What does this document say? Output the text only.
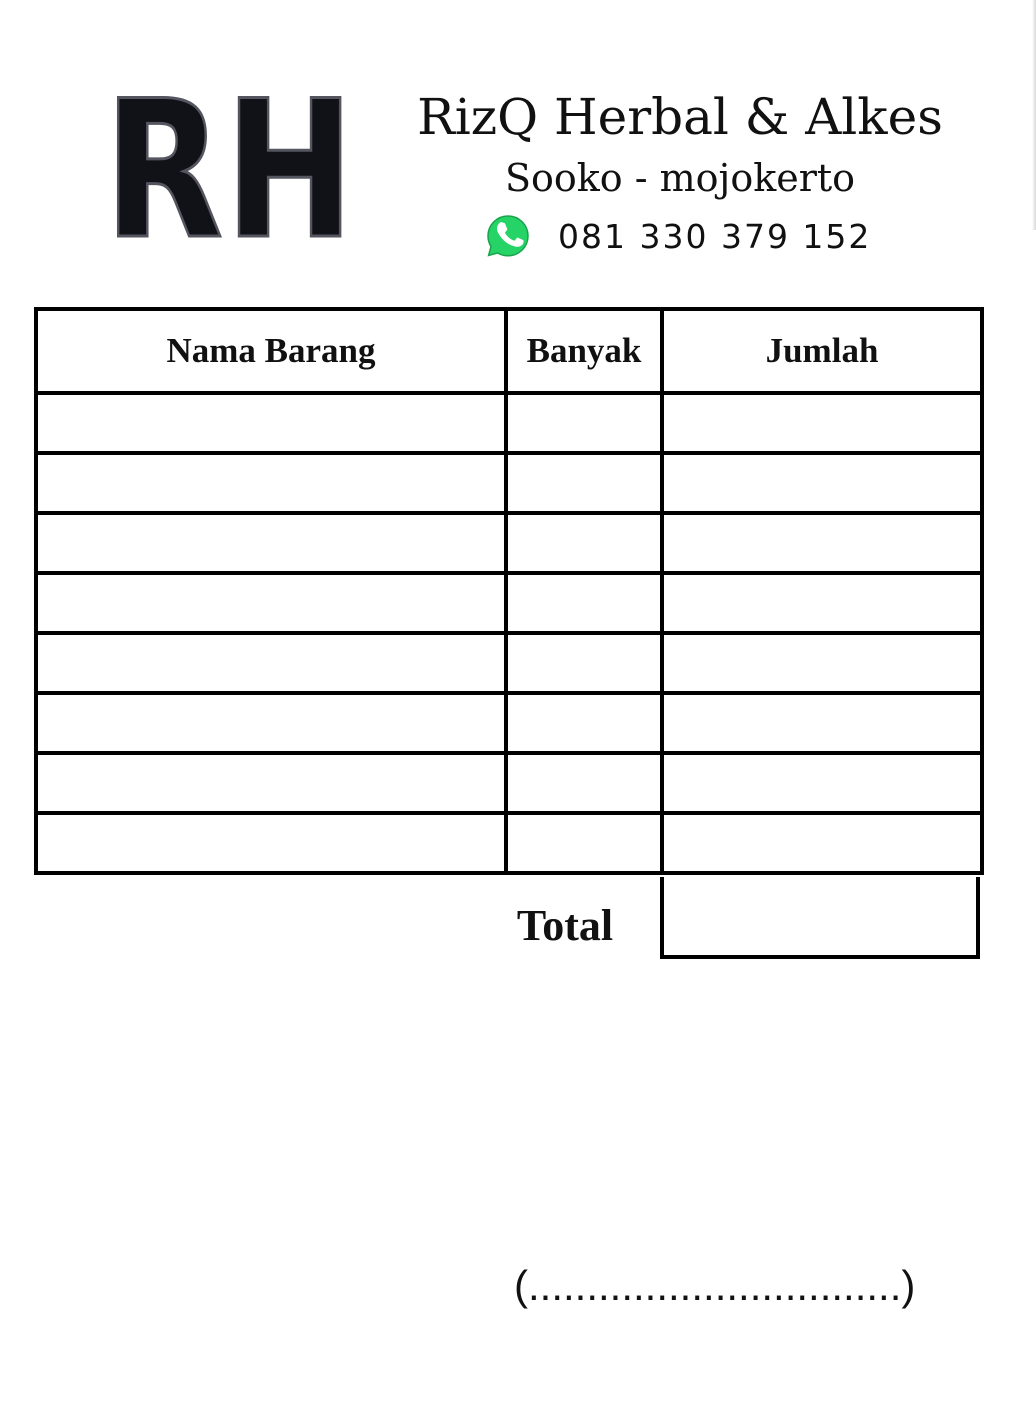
RH	RizQ Herbal & Alkes
Sooko - mojokerto
081 330 379 152
Nama Barang	Banyak	Jumlah

Total
(................................)
